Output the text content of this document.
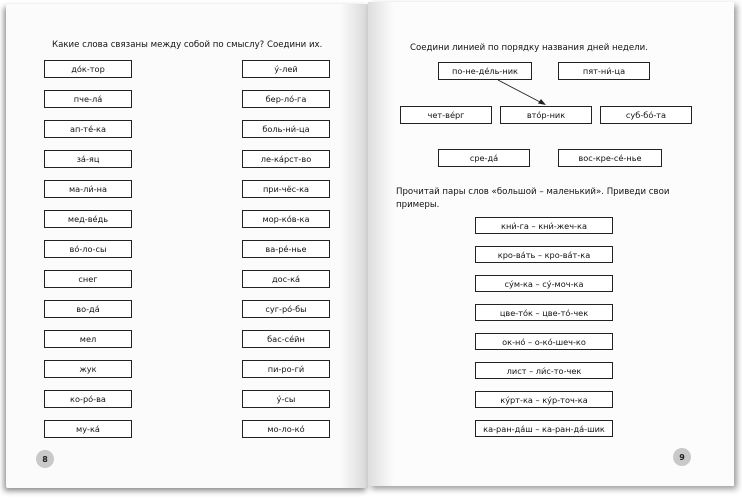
Какие слова связаны между собой по смыслу? Соедини их.
до́к-тор
пче-ла́
ап-те́-ка
за́-яц
ма-ли́-на
мед-ве́дь
во́-ло-сы
снег
во-да́
мел
жук
ко-ро́-ва
му-ка́
у́-лей
бер-ло́-га
боль-ни́-ца
ле-ка́рст-во
при-чёс-ка
мор-ко́в-ка
ва-ре́-нье
дос-ка́
суг-ро́-бы
бас-се́йн
пи-ро-ги́
у́-сы
мо-ло-ко́
8
Соедини линией по порядку названия дней недели.
по-не-де́ль-ник	пят-ни́-ца
чет-ве́рг	вто́р-ник	суб-бо́-та
сре-да́	вос-кре-се́-нье
Прочитай пары слов «большой – маленький». Приведи свои примеры.
кни́-га – кни́-жеч-ка
кро-ва́ть – кро-ва́т-ка
су́м-ка – су́-моч-ка
цве-то́к – цве-то́-чек
ок-но́ – о-ко́-шеч-ко
лист – ли́с-то-чек
ку́рт-ка – ку́р-точ-ка
ка-ран-да́ш – ка-ран-да́-шик
9
